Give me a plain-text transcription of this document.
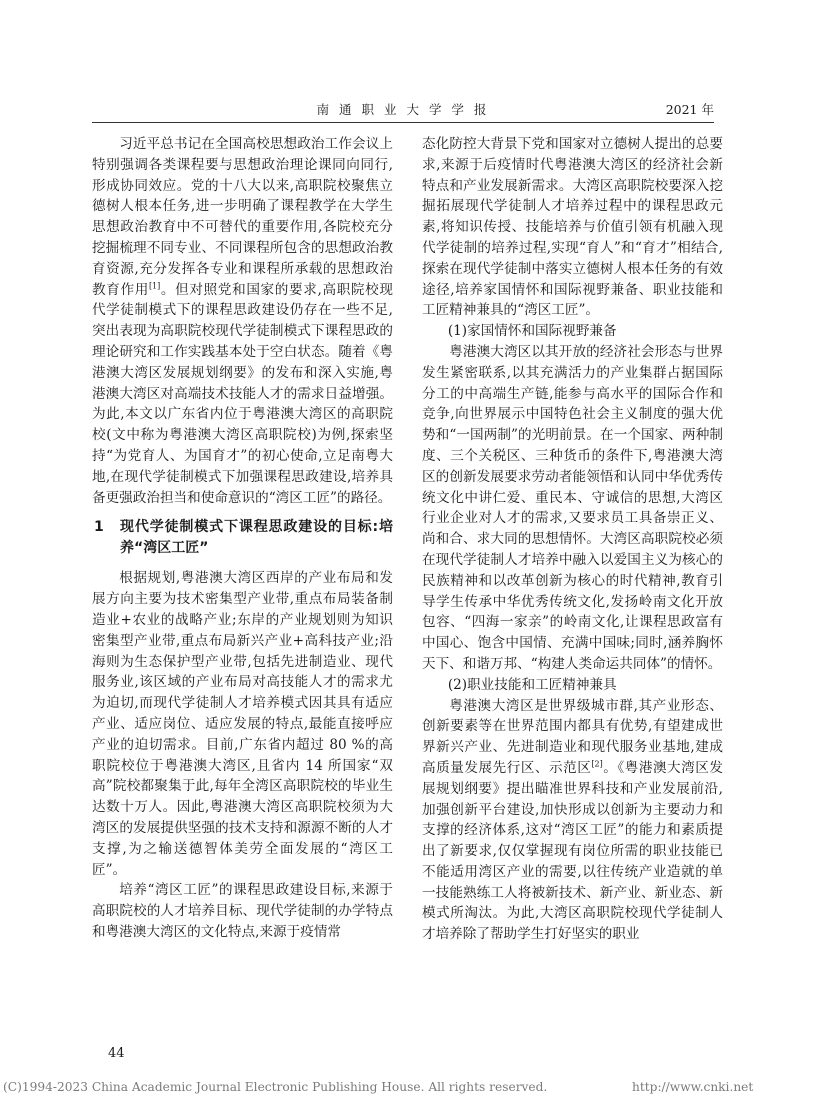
南 通 职 业 大 学 学 报	2021 年

习近平总书记在全国高校思想政治工作会议上特别强调各类课程要与思想政治理论课同向同行,形成协同效应。党的十八大以来,高职院校聚焦立德树人根本任务,进一步明确了课程教学在大学生思想政治教育中不可替代的重要作用,各院校充分挖掘梳理不同专业、不同课程所包含的思想政治教育资源,充分发挥各专业和课程所承载的思想政治教育作用[1]。但对照党和国家的要求,高职院校现代学徒制模式下的课程思政建设仍存在一些不足,突出表现为高职院校现代学徒制模式下课程思政的理论研究和工作实践基本处于空白状态。随着《粤港澳大湾区发展规划纲要》的发布和深入实施,粤港澳大湾区对高端技术技能人才的需求日益增强。为此,本文以广东省内位于粤港澳大湾区的高职院校(文中称为粤港澳大湾区高职院校)为例,探索坚持“为党育人、为国育才”的初心使命,立足南粤大地,在现代学徒制模式下加强课程思政建设,培养具备更强政治担当和使命意识的“湾区工匠”的路径。

1 现代学徒制模式下课程思政建设的目标:培养“湾区工匠”

根据规划,粤港澳大湾区西岸的产业布局和发展方向主要为技术密集型产业带,重点布局装备制造业+农业的战略产业;东岸的产业规划则为知识密集型产业带,重点布局新兴产业+高科技产业;沿海则为生态保护型产业带,包括先进制造业、现代服务业,该区域的产业布局对高技能人才的需求尤为迫切,而现代学徒制人才培养模式因其具有适应产业、适应岗位、适应发展的特点,最能直接呼应产业的迫切需求。目前,广东省内超过 80 %的高职院校位于粤港澳大湾区,且省内 14 所国家“双高”院校都聚集于此,每年全湾区高职院校的毕业生达数十万人。因此,粤港澳大湾区高职院校须为大湾区的发展提供坚强的技术支持和源源不断的人才支撑,为之输送德智体美劳全面发展的“湾区工匠”。

培养“湾区工匠”的课程思政建设目标,来源于高职院校的人才培养目标、现代学徒制的办学特点和粤港澳大湾区的文化特点,来源于疫情常

态化防控大背景下党和国家对立德树人提出的总要求,来源于后疫情时代粤港澳大湾区的经济社会新特点和产业发展新需求。大湾区高职院校要深入挖掘拓展现代学徒制人才培养过程中的课程思政元素,将知识传授、技能培养与价值引领有机融入现代学徒制的培养过程,实现“育人”和“育才”相结合,探索在现代学徒制中落实立德树人根本任务的有效途径,培养家国情怀和国际视野兼备、职业技能和工匠精神兼具的“湾区工匠”。

(1)家国情怀和国际视野兼备

粤港澳大湾区以其开放的经济社会形态与世界发生紧密联系,以其充满活力的产业集群占据国际分工的中高端生产链,能参与高水平的国际合作和竞争,向世界展示中国特色社会主义制度的强大优势和“一国两制”的光明前景。在一个国家、两种制度、三个关税区、三种货币的条件下,粤港澳大湾区的创新发展要求劳动者能领悟和认同中华优秀传统文化中讲仁爱、重民本、守诚信的思想,大湾区行业企业对人才的需求,又要求员工具备崇正义、尚和合、求大同的思想情怀。大湾区高职院校必须在现代学徒制人才培养中融入以爱国主义为核心的民族精神和以改革创新为核心的时代精神,教育引导学生传承中华优秀传统文化,发扬岭南文化开放包容、“四海一家亲”的岭南文化,让课程思政富有中国心、饱含中国情、充满中国味;同时,涵养胸怀天下、和谐万邦、“构建人类命运共同体”的情怀。

(2)职业技能和工匠精神兼具

粤港澳大湾区是世界级城市群,其产业形态、创新要素等在世界范围内都具有优势,有望建成世界新兴产业、先进制造业和现代服务业基地,建成高质量发展先行区、示范区[2]。《粤港澳大湾区发展规划纲要》提出瞄准世界科技和产业发展前沿,加强创新平台建设,加快形成以创新为主要动力和支撑的经济体系,这对“湾区工匠”的能力和素质提出了新要求,仅仅掌握现有岗位所需的职业技能已不能适用湾区产业的需要,以往传统产业造就的单一技能熟练工人将被新技术、新产业、新业态、新模式所淘汰。为此,大湾区高职院校现代学徒制人才培养除了帮助学生打好坚实的职业

44
(C)1994-2023 China Academic Journal Electronic Publishing House. All rights reserved.	http://www.cnki.net
